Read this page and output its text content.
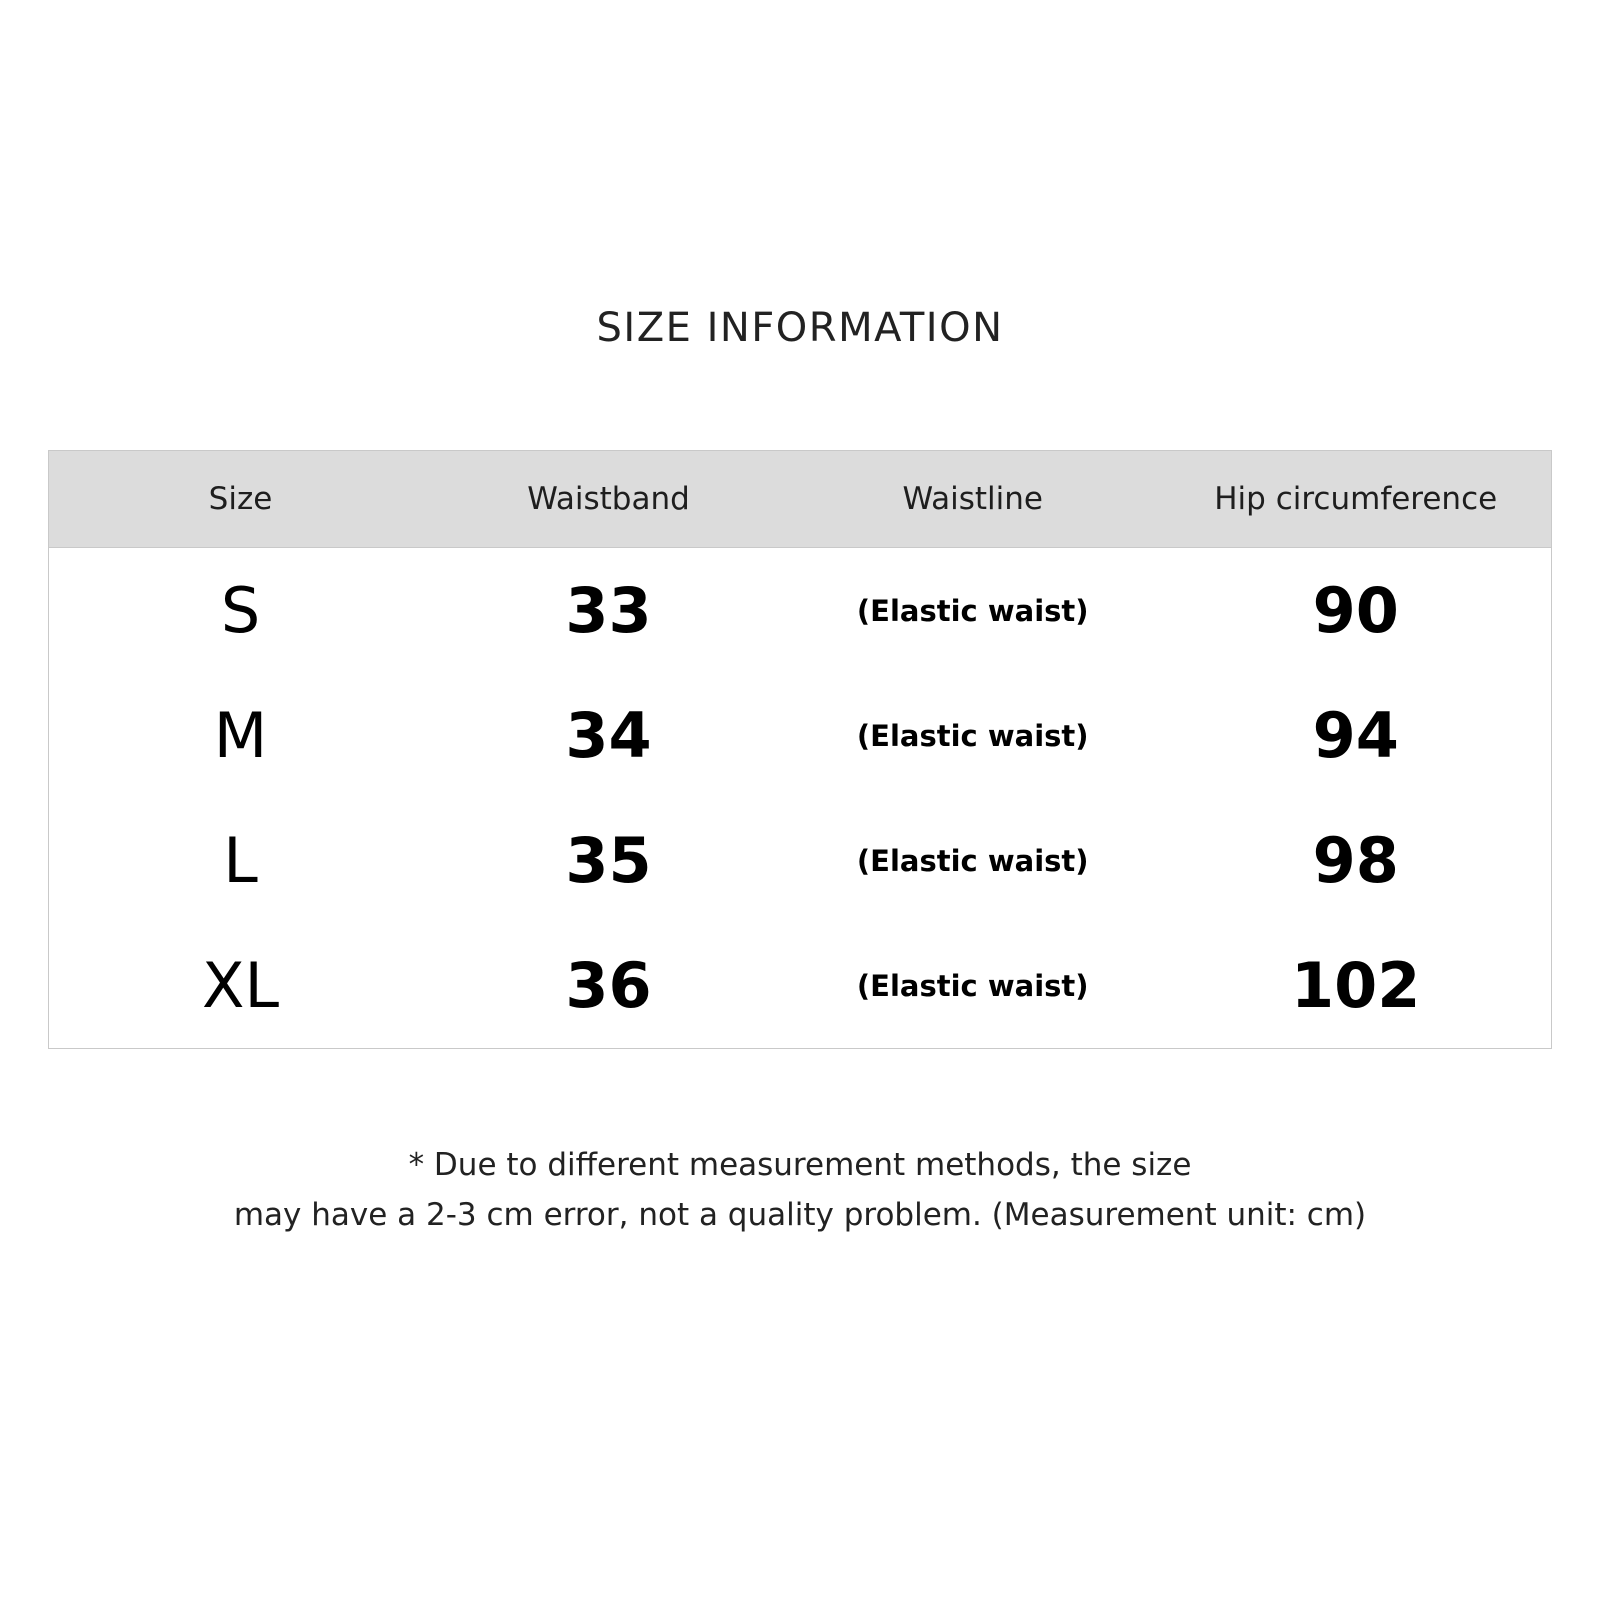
SIZE INFORMATION
Size	Waistband	Waistline	Hip circumference
S	33	(Elastic waist)	90
M	34	(Elastic waist)	94
L	35	(Elastic waist)	98
XL	36	(Elastic waist)	102
* Due to different measurement methods, the size
may have a 2-3 cm error, not a quality problem. (Measurement unit: cm)
